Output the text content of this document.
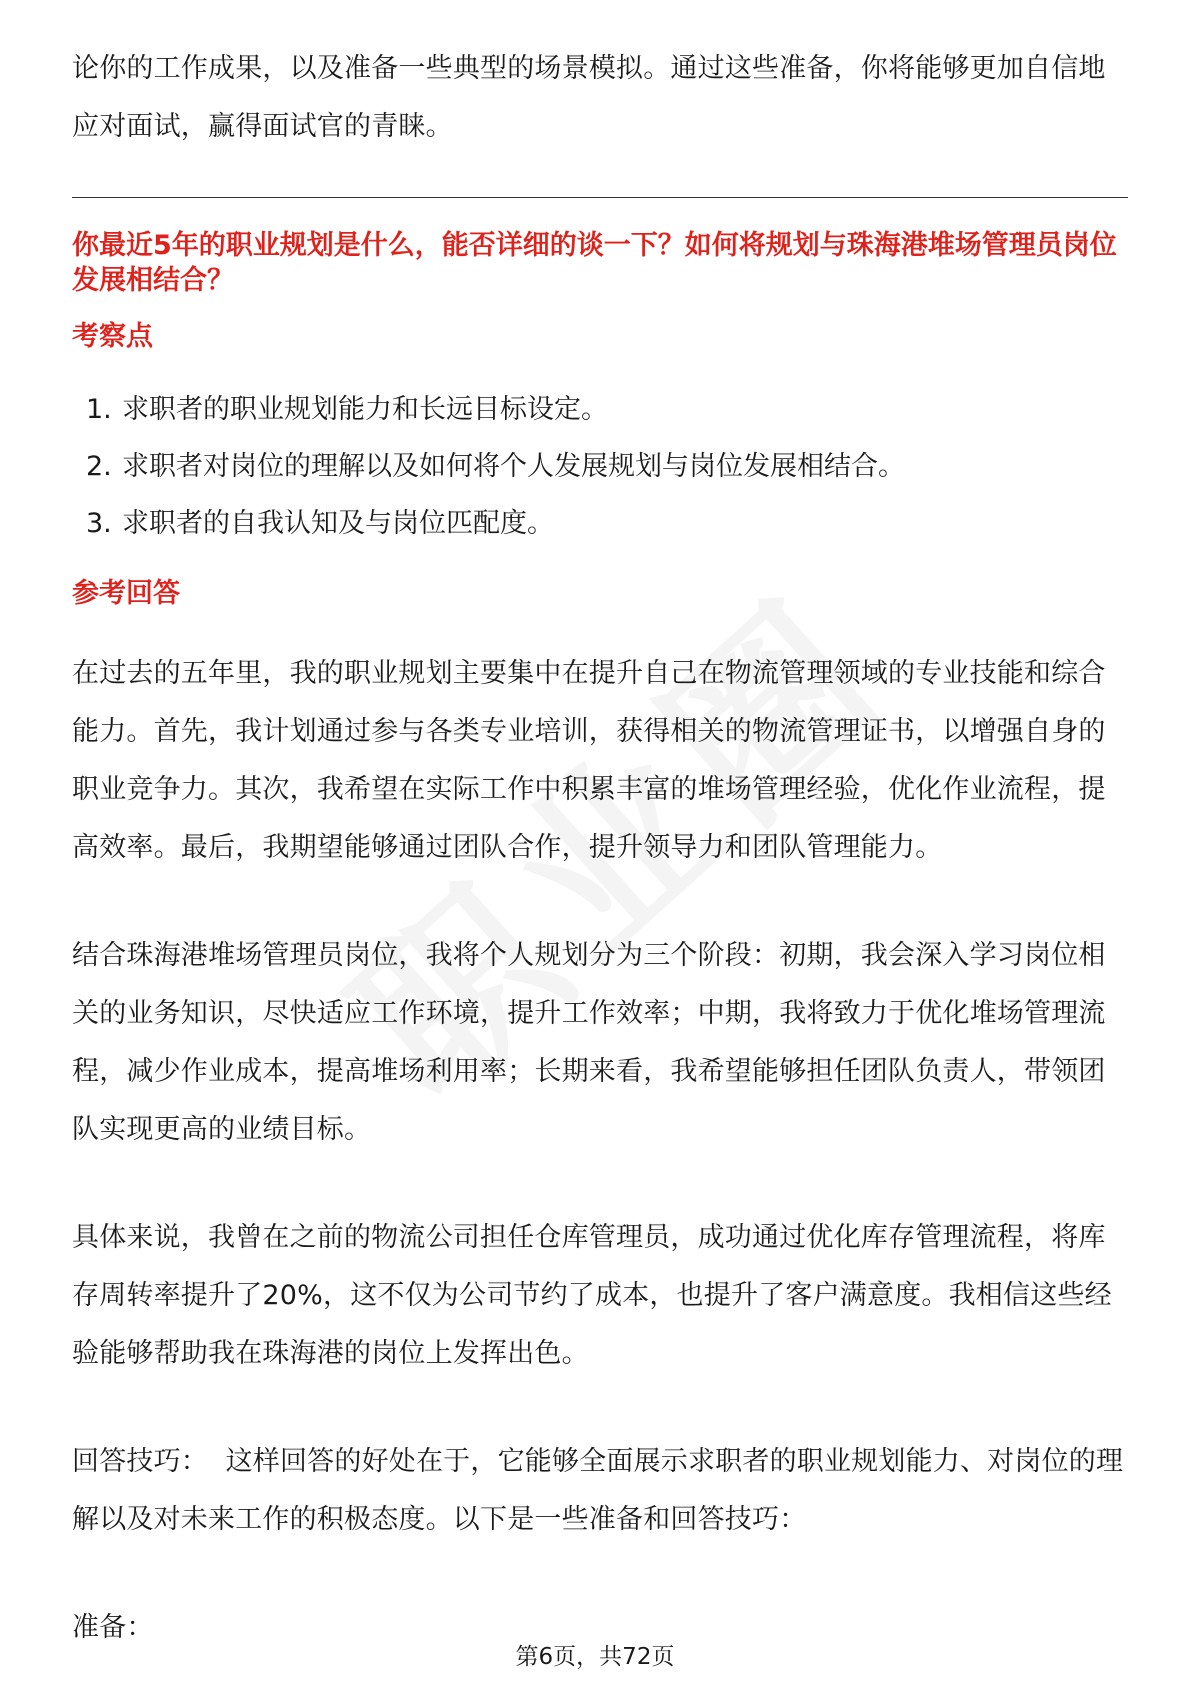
论你的工作成果，以及准备一些典型的场景模拟。通过这些准备，你将能够更加自信地应对面试，赢得面试官的青睐。

你最近5年的职业规划是什么，能否详细的谈一下？如何将规划与珠海港堆场管理员岗位发展相结合？

考察点
1. 求职者的职业规划能力和长远目标设定。
2. 求职者对岗位的理解以及如何将个人发展规划与岗位发展相结合。
3. 求职者的自我认知及与岗位匹配度。
参考回答

在过去的五年里，我的职业规划主要集中在提升自己在物流管理领域的专业技能和综合能力。首先，我计划通过参与各类专业培训，获得相关的物流管理证书，以增强自身的职业竞争力。其次，我希望在实际工作中积累丰富的堆场管理经验，优化作业流程，提高效率。最后，我期望能够通过团队合作，提升领导力和团队管理能力。

结合珠海港堆场管理员岗位，我将个人规划分为三个阶段：初期，我会深入学习岗位相关的业务知识，尽快适应工作环境，提升工作效率；中期，我将致力于优化堆场管理流程，减少作业成本，提高堆场利用率；长期来看，我希望能够担任团队负责人，带领团队实现更高的业绩目标。

具体来说，我曾在之前的物流公司担任仓库管理员，成功通过优化库存管理流程，将库存周转率提升了20%，这不仅为公司节约了成本，也提升了客户满意度。我相信这些经验能够帮助我在珠海港的岗位上发挥出色。

回答技巧：  这样回答的好处在于，它能够全面展示求职者的职业规划能力、对岗位的理解以及对未来工作的积极态度。以下是一些准备和回答技巧：

准备：

第6页，共72页
